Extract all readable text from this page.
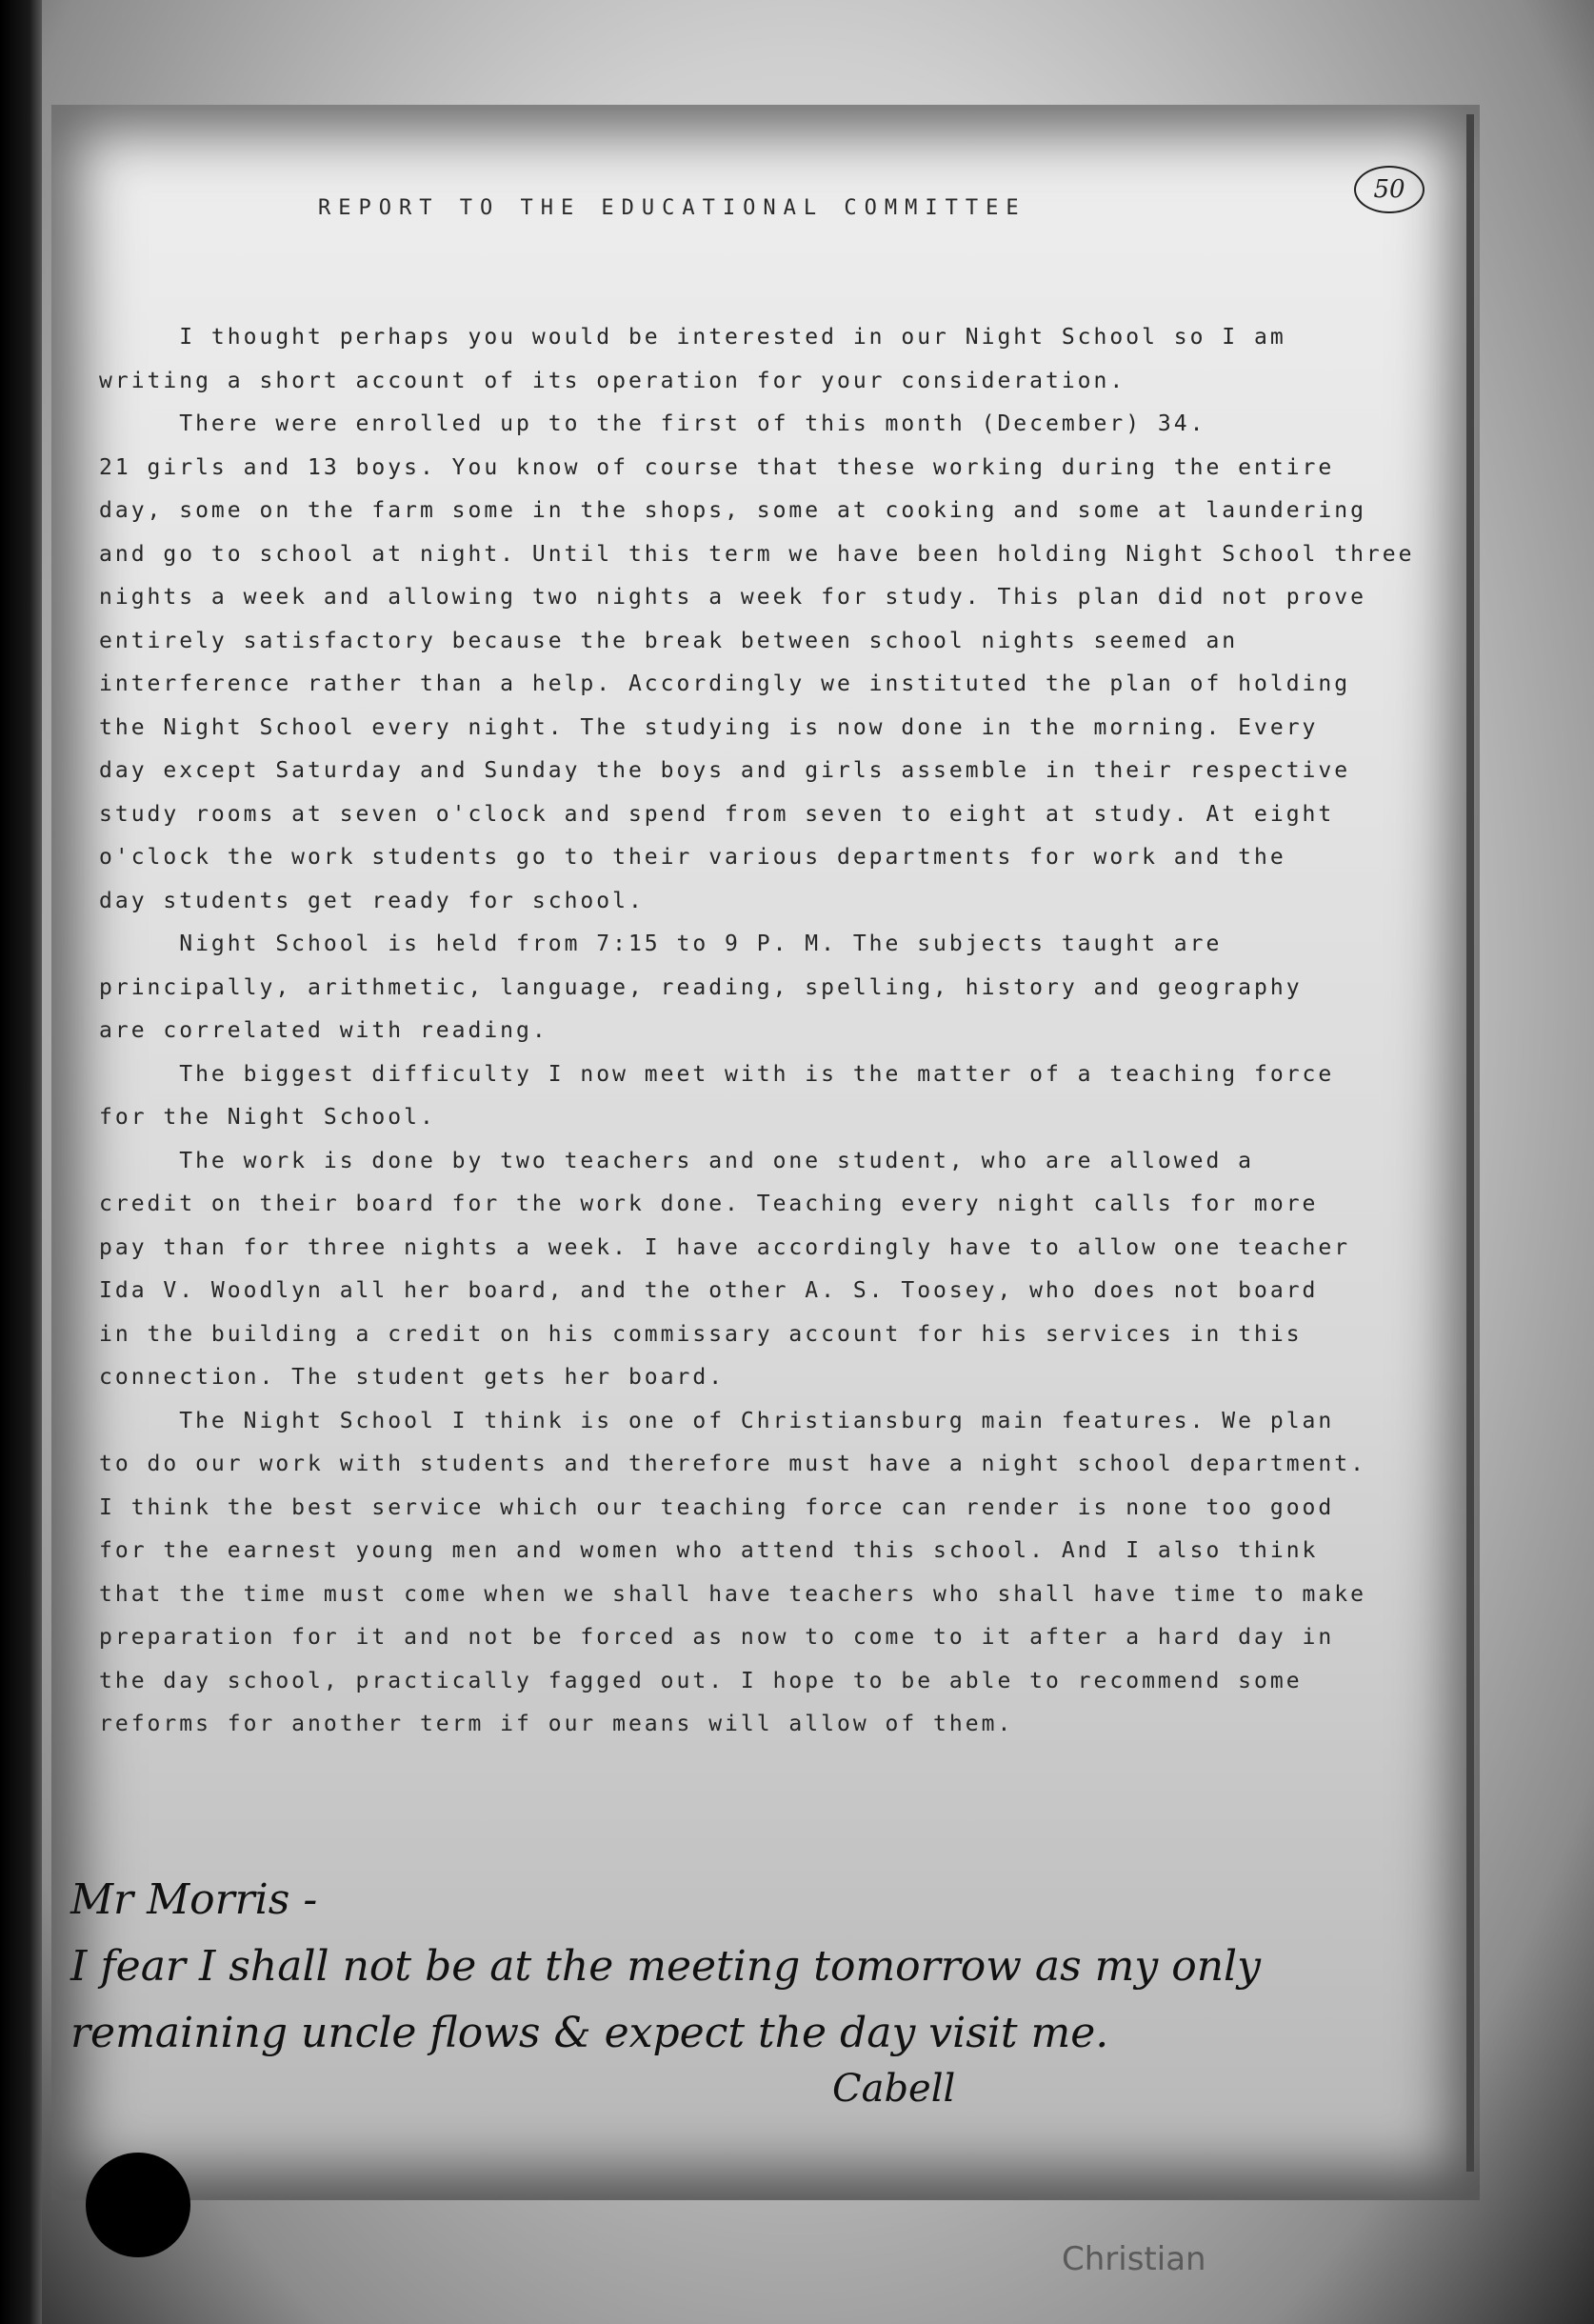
REPORT TO THE EDUCATIONAL COMMITTEE
50
I thought perhaps you would be interested in our Night School so I am
writing a short account of its operation for your consideration.
There were enrolled up to the first of this month (December) 34.
21 girls and 13 boys. You know of course that these working during the entire
day, some on the farm some in the shops, some at cooking and some at laundering
and go to school at night. Until this term we have been holding Night School three
nights a week and allowing two nights a week for study. This plan did not prove
entirely satisfactory because the break between school nights seemed an
interference rather than a help. Accordingly we instituted the plan of holding
the Night School every night. The studying is now done in the morning. Every
day except Saturday and Sunday the boys and girls assemble in their respective
study rooms at seven o'clock and spend from seven to eight at study. At eight
o'clock the work students go to their various departments for work and the
day students get ready for school.
Night School is held from 7:15 to 9 P. M. The subjects taught are
principally, arithmetic, language, reading, spelling, history and geography
are correlated with reading.
The biggest difficulty I now meet with is the matter of a teaching force
for the Night School.
The work is done by two teachers and one student, who are allowed a
credit on their board for the work done. Teaching every night calls for more
pay than for three nights a week. I have accordingly have to allow one teacher
Ida V. Woodlyn all her board, and the other A. S. Toosey, who does not board
in the building a credit on his commissary account for his services in this
connection. The student gets her board.
The Night School I think is one of Christiansburg main features. We plan
to do our work with students and therefore must have a night school department.
I think the best service which our teaching force can render is none too good
for the earnest young men and women who attend this school. And I also think
that the time must come when we shall have teachers who shall have time to make
preparation for it and not be forced as now to come to it after a hard day in
the day school, practically fagged out. I hope to be able to recommend some
reforms for another term if our means will allow of them.
Mr Morris -
I fear I shall not be at the meeting tomorrow as my only
remaining uncle flows & expect the day visit me.
Cabell
Christian
